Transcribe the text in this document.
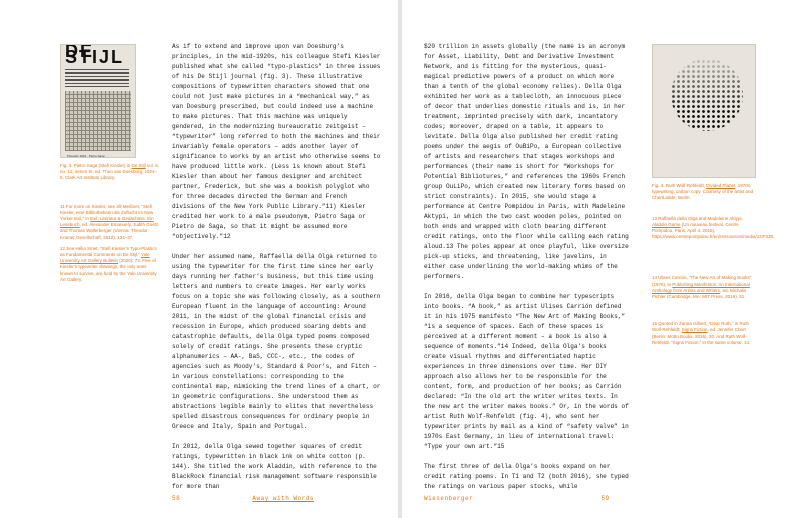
DE STIJL
Phonetic 1924 · Pietro Saga
Fig. 3. Pietro Saga (Stefi Kiesler) in De Stijl vol. 6, no. 12, series XI, ed. Theo van Doesburg, 1924–5, Clark Art Institute Library.

11 For more on Kiesler, see Jill Meißner, “Stefi Kiesler, eine Bibliothekarin als Zuflucht im New Yorker Exil,” in Exil: Literatur & Gedächtnis: Ein Lesebuch, ed. Alexander Emanuely, Judith Goetz, and Thomas Wallerberger (Vienna: Theodor Kramer Gesellschaft, 2012), 134–37.

12 See Hélia Smet, “Stefi Kiesler’s Typo-Plastics as Fundamental Comments on De Stijl,” Yale University Art Gallery Bulletin (2020): 73. Five of Kiesler’s typewriter drawings, the only ones known to survive, are held by the Yale University Art Gallery.

As if to extend and improve upon van Doesburg’s principles, in the mid-1920s, his colleague Stefi Kiesler published what she called “typo-plastics” in three issues of his De Stijl journal (fig. 3). These illustrative compositions of typewritten characters showed that one could not just make pictures in a “mechanical way,” as van Doesburg prescribed, but could indeed use a machine to make pictures. That this machine was uniquely gendered, in the modernizing bureaucratic zeitgeist – “typewriter” long referred to both the machines and their invariably female operators – adds another layer of significance to works by an artist who otherwise seems to have produced little work. (Less is known about Stefi Kiesler than about her famous designer and architect partner, Frederick, but she was a bookish polyglot who for three decades directed the German and French divisions of the New York Public Library.”11) Kiesler credited her work to a male pseudonym, Pietro Saga or Pietro de Saga, so that it might be assumed more “objectively.”12

Under her assumed name, Raffaella della Olga returned to using the typewriter for the first time since her early days running her father’s business, but this time using letters and numbers to create images. Her early works focus on a topic she was following closely, as a southern European fluent in the language of accounting: Around 2011, in the midst of the global financial crisis and recession in Europe, which produced soaring debts and catastrophic defaults, della Olga typed poems composed solely of credit ratings. She presents these cryptic alphanumerics – AA-, BaS, CCC-, etc., the codes of agencies such as Moody’s, Standard & Poor’s, and Fitch – in various constellations: corresponding to the continental map, mimicking the trend lines of a chart, or in geometric configurations. She understood them as abstractions legible mainly to elites that nevertheless spelled disastrous consequences for ordinary people in Greece and Italy, Spain and Portugal.

In 2012, della Olga sewed together squares of credit ratings, typewritten in black ink on white cotton (p. 144). She titled the work Aladdin, with reference to the BlackRock financial risk management software responsible for more than

58	Away with Words

$20 trillion in assets globally (the name is an acronym for Asset, Liability, Debt and Derivative Investment Network, and is fitting for the mysterious, quasi-magical predictive powers of a product on which more than a tenth of the global economy relies). Della Olga exhibited her work as a tablecloth, an innocuous piece of decor that underlies domestic rituals and is, in her treatment, imprinted precisely with dark, incantatory codes; moreover, draped on a table, it appears to levitate. Della Olga also published her credit rating poems under the aegis of OuBiPo, a European collective of artists and researchers that stages workshops and performances (their name is short for “Workshops for Potential Bibliotures,” and references the 1960s French group OuLiPo, which created new literary forms based on strict constraints). In 2015, she would stage a performance at Centre Pompidou in Paris, with Madeleine Aktypi, in which the two cast wooden poles, pointed on both ends and wrapped with cloth bearing different credit ratings, onto the floor while calling each rating aloud.13 The poles appear at once playful, like oversize pick-up sticks, and threatening, like javelins, in either case underlining the world-making whims of the performers.

In 2016, della Olga began to combine her typescripts into books. “A book,” as artist Ulises Carrión defined it in his 1975 manifesto “The New Art of Making Books,” “is a sequence of spaces. Each of these spaces is perceived at a different moment – a book is also a sequence of moments.”14 Indeed, della Olga’s books create visual rhythms and differentiated haptic experiences in three dimensions over time. Her DIY approach also allows her to be responsible for the content, form, and production of her books; as Carrión declared: “In the old art the writer writes texts. In the new art the writer makes books.” Or, in the words of artist Ruth Wolf-Rehfeldt (fig. 4), who sent her typewriter prints by mail as a kind of “safety valve” in 1970s East Germany, in lieu of international travel: “Type your own art.”15

The first three of della Olga’s books expand on her credit rating poems. In T1 and T2 (both 2016), she typed the ratings on various paper stocks, while

Fig. 4. Ruth Wolf-Rehfeldt, Divided Planet, 1970s, typewriting, carbon copy. Courtesy of the artist and ChertLüdde, Berlin.

13 Raffaella della Olga and Madeleine Aktypi, Aladdin Game (Un nouveau festival, Centre Pompidou, Paris, April 4, 2015), https://www.centrepompidou.fr/en/ressources/media/1zrF2Z5.

14 Ulises Carrión, “The New Art of Making Books” (1975), in Publishing Manifestos: An International Anthology from Artists and Writers, ed. Michalis Pichler (Cambridge, MA: MIT Press, 2019), 51.

15 Quoted in Zanna Gilbert, “Dear Ruth,” in Ruth Wolf-Rehfeldt: Signs Fiction, ed. Jennifer Chert (Berlin: Motto Books, 2016), 20. And Ruth Wolf-Rehfeldt, “Signs Fiction,” in the same volume, 14.

Wiesenberger	59
